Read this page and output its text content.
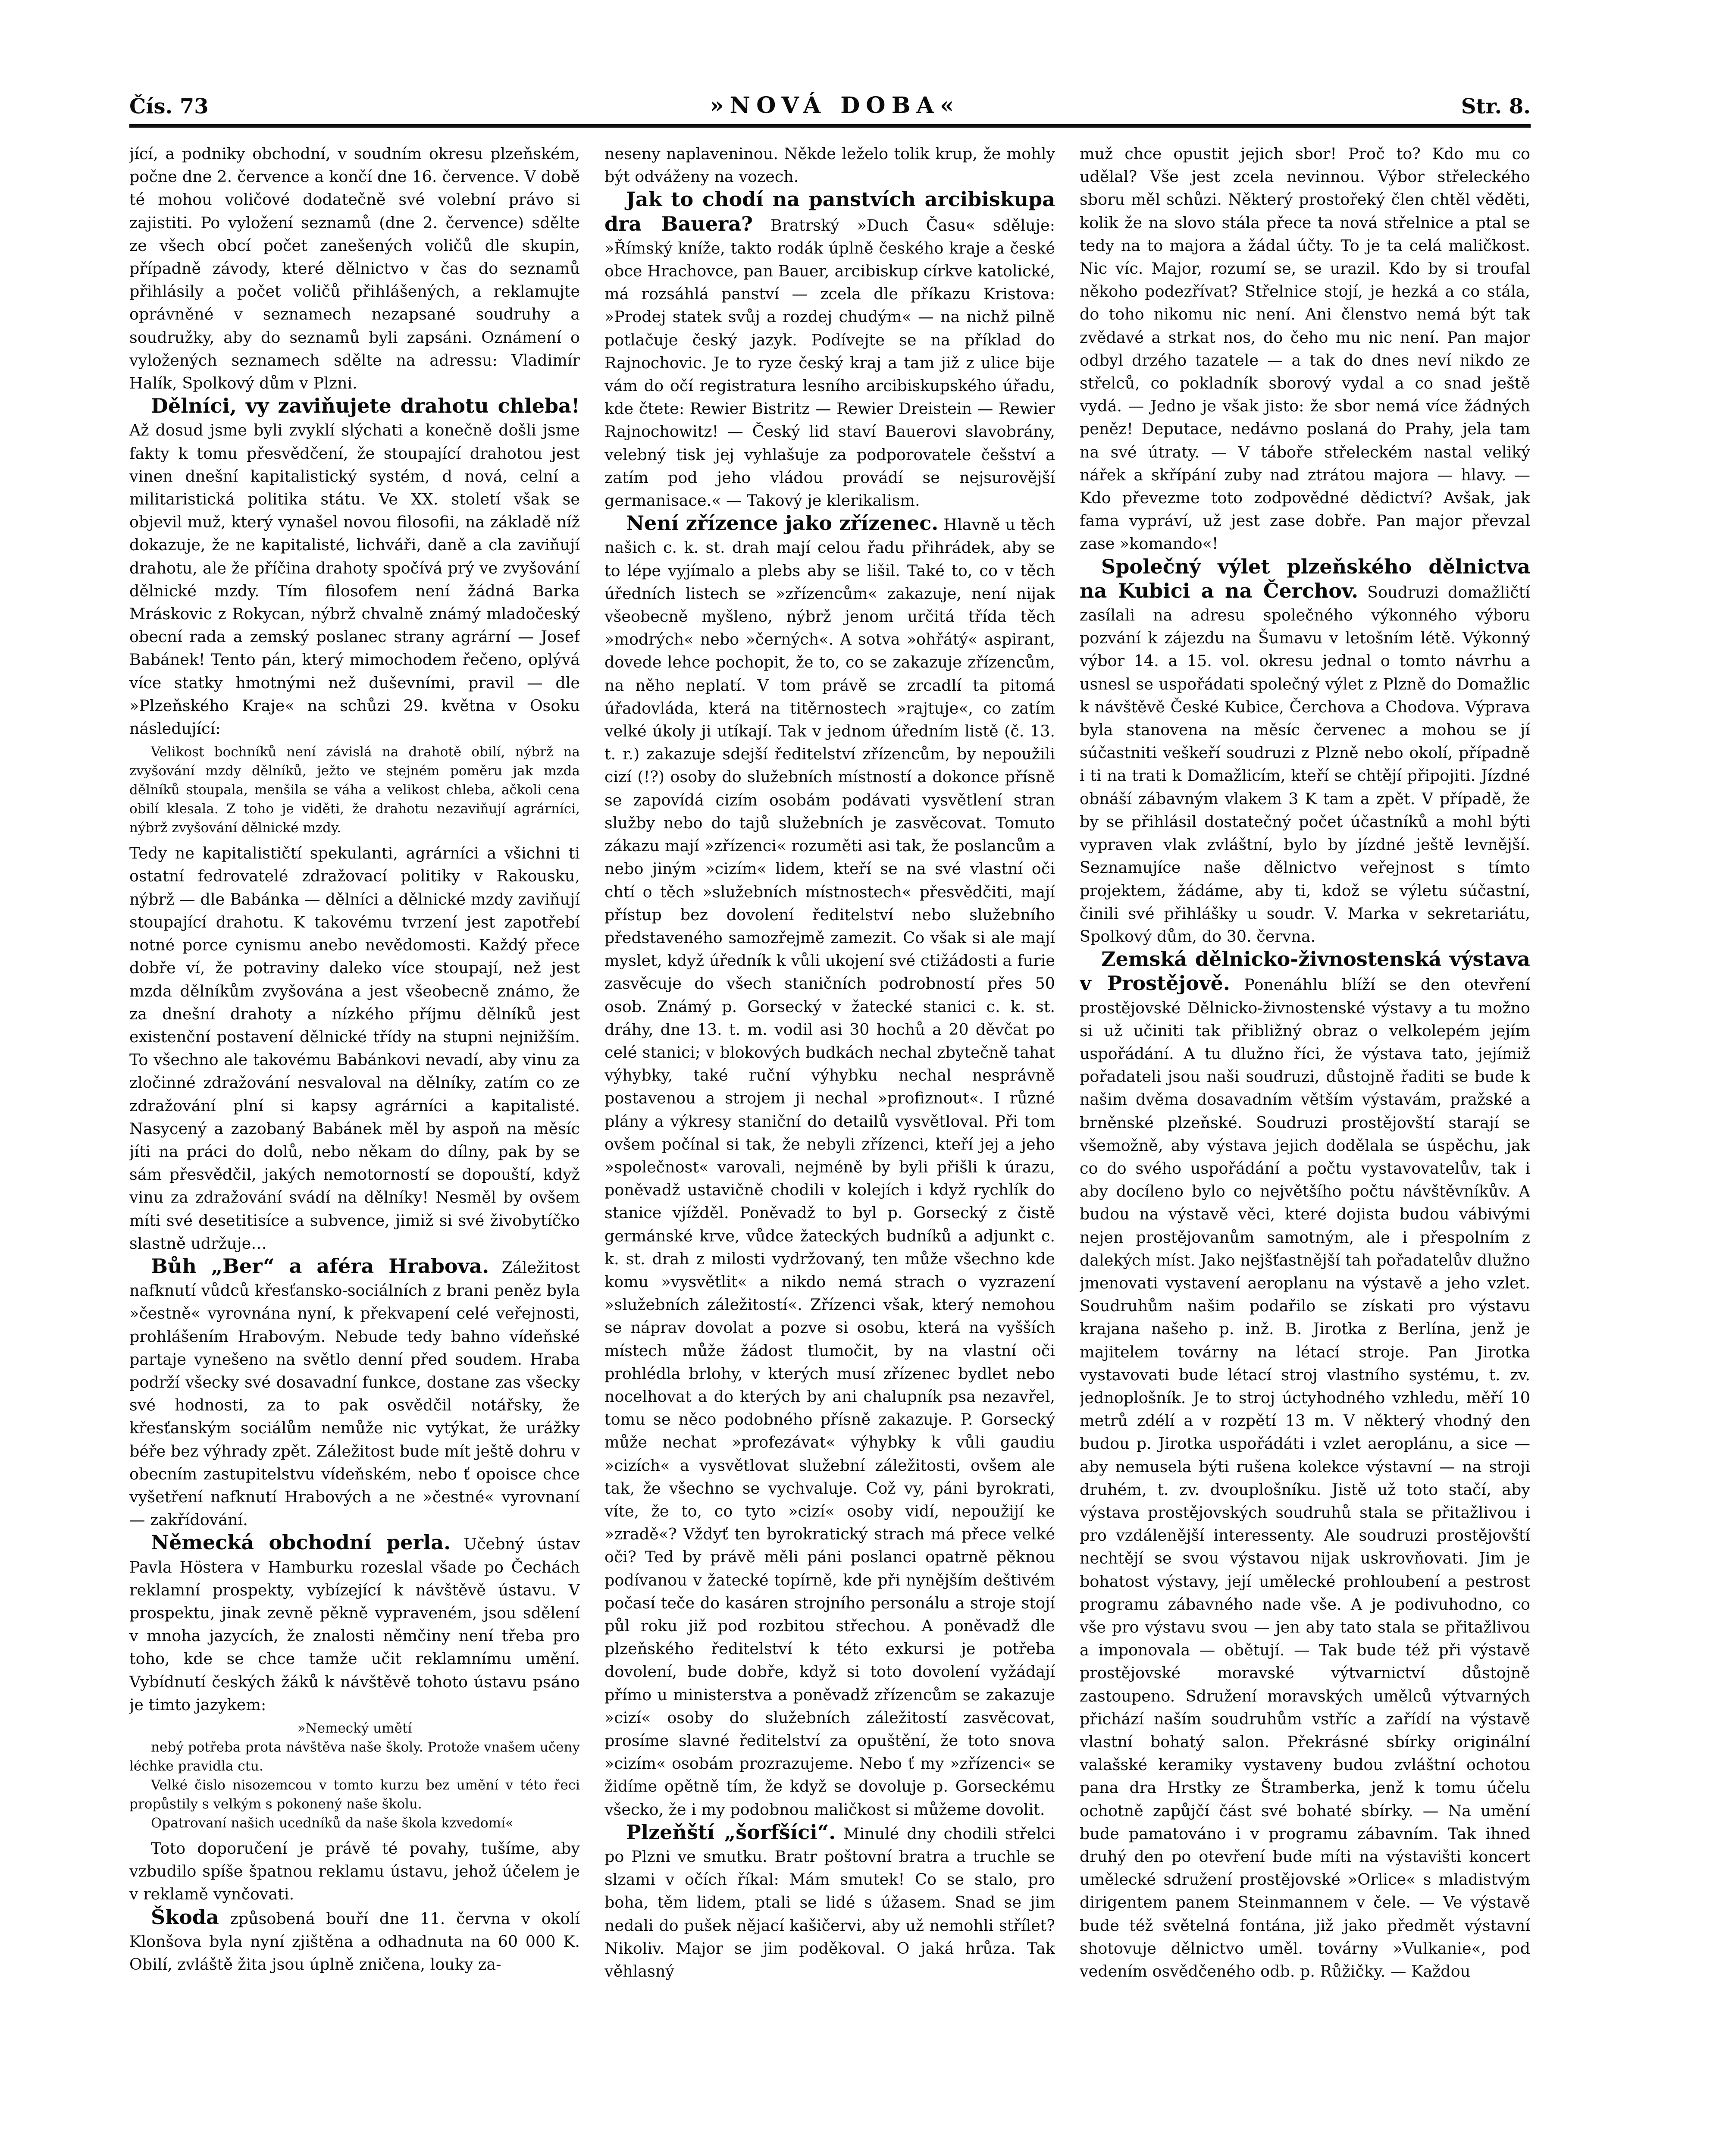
Čís. 73	»NOVÁ DOBA«	Str. 8.

jící, a podniky obchodní, v soudním okresu plzeňském, počne dne 2. července a končí dne 16. července. V době té mohou voličové dodatečně své volební právo si zajistiti. Po vyložení seznamů (dne 2. července) sdělte ze všech obcí počet zanešených voličů dle skupin, případně závody, které dělnictvo v čas do seznamů přihlásily a počet voličů přihlášených, a reklamujte oprávněné v seznamech nezapsané soudruhy a soudružky, aby do seznamů byli zapsáni. Oznámení o vyložených seznamech sdělte na adressu: Vladimír Halík, Spolkový dům v Plzni.

Dělníci, vy zaviňujete drahotu chleba! Až dosud jsme byli zvyklí slýchati a konečně došli jsme fakty k tomu přesvědčení, že stoupající drahotou jest vinen dnešní kapitalistický systém, d nová, celní a militaristická politika státu. Ve XX. století však se objevil muž, který vynašel novou filosofii, na základě níž dokazuje, že ne kapitalisté, lichváři, daně a cla zaviňují drahotu, ale že příčina drahoty spočívá prý ve zvyšování dělnické mzdy. Tím filosofem není žádná Barka Mráskovic z Rokycan, nýbrž chvalně známý mladočeský obecní rada a zemský poslanec strany agrární — Josef Babánek! Tento pán, který mimochodem řečeno, oplývá více statky hmotnými než duševními, pravil — dle »Plzeňského Kraje« na schůzi 29. května v Osoku následující:

Velikost bochníků není závislá na drahotě obilí, nýbrž na zvyšování mzdy dělníků, ježto ve stejném poměru jak mzda dělníků stoupala, menšila se váha a velikost chleba, ačkoli cena obilí klesala. Z toho je viděti, že drahotu nezaviňují agrárníci, nýbrž zvyšování dělnické mzdy.

Tedy ne kapitalističtí spekulanti, agrárníci a všichni ti ostatní fedrovatelé zdražovací politiky v Rakousku, nýbrž — dle Babánka — dělníci a dělnické mzdy zaviňují stoupající drahotu. K takovému tvrzení jest zapotřebí notné porce cynismu anebo nevědomosti. Každý přece dobře ví, že potraviny daleko více stoupají, než jest mzda dělníkům zvyšována a jest všeobecně známo, že za dnešní drahoty a nízkého příjmu dělníků jest existenční postavení dělnické třídy na stupni nejnižším. To všechno ale takovému Babánkovi nevadí, aby vinu za zločinné zdražování nesvaloval na dělníky, zatím co ze zdražování plní si kapsy agrárníci a kapitalisté. Nasycený a zazobaný Babánek měl by aspoň na měsíc jíti na práci do dolů, nebo někam do dílny, pak by se sám přesvědčil, jakých nemotorností se dopouští, když vinu za zdražování svádí na dělníky! Nesměl by ovšem míti své desetitisíce a subvence, jimiž si své živobytíčko slastně udržuje…

Bůh „Ber“ a aféra Hrabova. Záležitost nafknutí vůdců křesťansko-sociálních z brani peněz byla »čestně« vyrovnána nyní, k překvapení celé veřejnosti, prohlášením Hrabovým. Nebude tedy bahno vídeňské partaje vynešeno na světlo denní před soudem. Hraba podrží všecky své dosavadní funkce, dostane zas všecky své hodnosti, za to pak osvědčil notářsky, že křesťanským sociálům nemůže nic vytýkat, že urážky béře bez výhrady zpět. Záležitost bude mít ještě dohru v obecním zastupitelstvu vídeňském, nebo ť opoisce chce vyšetření nafknutí Hrabových a ne »čestné« vyrovnaní — zakřídování.

Německá obchodní perla. Učebný ústav Pavla Höstera v Hamburku rozeslal všade po Čechách reklamní prospekty, vybízející k návštěvě ústavu. V prospektu, jinak zevně pěkně vypraveném, jsou sdělení v mnoha jazycích, že znalosti němčiny není třeba pro toho, kde se chce tamže učit reklamnímu umění. Vybídnutí českých žáků k návštěvě tohoto ústavu psáno je timto jazykem:

»Nemecký umětí

nebý potřeba prota návštěva naše školy. Protože vnašem učeny léchke pravidla ctu.

Velké čislo nisozemcou v tomto kurzu bez umění v této řeci propůstily s velkým s pokonený naše školu.

Opatrovaní našich ucedníků da naše škola kzvedomí«

Toto doporučení je právě té povahy, tušíme, aby vzbudilo spíše špatnou reklamu ústavu, jehož účelem je v reklamě vynčovati.

Škoda způsobená bouří dne 11. června v okolí Klonšova byla nyní zjištěna a odhadnuta na 60 000 K. Obilí, zvláště žita jsou úplně zničena, louky za-

neseny naplaveninou. Někde leželo tolik krup, že mohly být odváženy na vozech.

Jak to chodí na panstvích arcibiskupa dra Bauera? Bratrský »Duch Času« sděluje: »Římský kníže, takto rodák úplně českého kraje a české obce Hrachovce, pan Bauer, arcibiskup církve katolické, má rozsáhlá panství — zcela dle příkazu Kristova: »Prodej statek svůj a rozdej chudým« — na nichž pilně potlačuje český jazyk. Podívejte se na příklad do Rajnochovic. Je to ryze český kraj a tam již z ulice bije vám do očí registratura lesního arcibiskupského úřadu, kde čtete: Rewier Bistritz — Rewier Dreistein — Rewier Rajnochowitz! — Český lid staví Bauerovi slavobrány, velebný tisk jej vyhlašuje za podporovatele češství a zatím pod jeho vládou provádí se nejsurovější germanisace.« — Takový je klerikalism.

Není zřízence jako zřízenec. Hlavně u těch našich c. k. st. drah mají celou řadu přihrádek, aby se to lépe vyjímalo a plebs aby se lišil. Také to, co v těch úředních listech se »zřízencům« zakazuje, není nijak všeobecně myšleno, nýbrž jenom určitá třída těch »modrých« nebo »černých«. A sotva »ohřátý« aspirant, dovede lehce pochopit, že to, co se zakazuje zřízencům, na něho neplatí. V tom právě se zrcadlí ta pitomá úřadovláda, která na titěrnostech »rajtuje«, co zatím velké úkoly ji utíkají. Tak v jednom úředním listě (č. 13. t. r.) zakazuje sdejší ředitelství zřízencům, by nepoužili cizí (!?) osoby do služebních místností a dokonce přísně se zapovídá cizím osobám podávati vysvětlení stran služby nebo do tajů služebních je zasvěcovat. Tomuto zákazu mají »zřízenci« rozuměti asi tak, že poslancům a nebo jiným »cizím« lidem, kteří se na své vlastní oči chtí o těch »služebních místnostech« přesvědčiti, mají přístup bez dovolení ředitelství nebo služebního představeného samozřejmě zamezit. Co však si ale mají myslet, když úředník k vůli ukojení své ctižádosti a furie zasvěcuje do všech staničních podrobností přes 50 osob. Známý p. Gorsecký v žatecké stanici c. k. st. dráhy, dne 13. t. m. vodil asi 30 hochů a 20 děvčat po celé stanici; v blokových budkách nechal zbytečně tahat výhybky, také ruční výhybku nechal nesprávně postavenou a strojem ji nechal »profiznout«. I různé plány a výkresy staniční do detailů vysvětloval. Při tom ovšem počínal si tak, že nebyli zřízenci, kteří jej a jeho »společnost« varovali, nejméně by byli přišli k úrazu, poněvadž ustavičně chodili v kolejích i když rychlík do stanice vjížděl. Poněvadž to byl p. Gorsecký z čistě germánské krve, vůdce žateckých budníků a adjunkt c. k. st. drah z milosti vydržovaný, ten může všechno kde komu »vysvětlit« a nikdo nemá strach o vyzrazení »služebních záležitostí«. Zřízenci však, který nemohou se náprav dovolat a pozve si osobu, která na vyšších místech může žádost tlumočit, by na vlastní oči prohlédla brlohy, v kterých musí zřízenec bydlet nebo nocelhovat a do kterých by ani chalupník psa nezavřel, tomu se něco podobného přísně zakazuje. P. Gorsecký může nechat »profezávat« výhybky k vůli gaudiu »cizích« a vysvětlovat služební záležitosti, ovšem ale tak, že všechno se vychvaluje. Což vy, páni byrokrati, víte, že to, co tyto »cizí« osoby vidí, nepoužijí ke »zradě«? Vždyť ten byrokratický strach má přece velké oči? Ted by právě měli páni poslanci opatrně pěknou podívanou v žatecké topírně, kde při nynějším deštivém počasí teče do kasáren strojního personálu a stroje stojí půl roku již pod rozbitou střechou. A poněvadž dle plzeňského ředitelství k této exkursi je potřeba dovolení, bude dobře, když si toto dovolení vyžádají přímo u ministerstva a poněvadž zřízencům se zakazuje »cizí« osoby do služebních záležitostí zasvěcovat, prosíme slavné ředitelství za opuštění, že toto snova »cizím« osobám prozrazujeme. Nebo ť my »zřízenci« se židíme opětně tím, že když se dovoluje p. Gorseckému všecko, že i my podobnou maličkost si můžeme dovolit.

Plzeňští „šorfšíci“. Minulé dny chodili střelci po Plzni ve smutku. Bratr poštovní bratra a truchle se slzami v očích říkal: Mám smutek! Co se stalo, pro boha, těm lidem, ptali se lidé s úžasem. Snad se jim nedali do pušek nějací kašičervi, aby už nemohli střílet? Nikoliv. Major se jim poděkoval. O jaká hrůza. Tak věhlasný

muž chce opustit jejich sbor! Proč to? Kdo mu co udělal? Vše jest zcela nevinnou. Výbor střeleckého sboru měl schůzi. Některý prostořeký člen chtěl věděti, kolik že na slovo stála přece ta nová střelnice a ptal se tedy na to majora a žádal účty. To je ta celá maličkost. Nic víc. Major, rozumí se, se urazil. Kdo by si troufal někoho podezřívat? Střelnice stojí, je hezká a co stála, do toho nikomu nic není. Ani členstvo nemá být tak zvědavé a strkat nos, do čeho mu nic není. Pan major odbyl drzého tazatele — a tak do dnes neví nikdo ze střelců, co pokladník sborový vydal a co snad ještě vydá. — Jedno je však jisto: že sbor nemá více žádných peněz! Deputace, nedávno poslaná do Prahy, jela tam na své útraty. — V táboře střeleckém nastal veliký nářek a skřípání zuby nad ztrátou majora — hlavy. — Kdo převezme toto zodpovědné dědictví? Avšak, jak fama vypráví, už jest zase dobře. Pan major převzal zase »komando«!

Společný výlet plzeňského dělnictva na Kubici a na Čerchov. Soudruzi domažličtí zasílali na adresu společného výkonného výboru pozvání k zájezdu na Šumavu v letošním létě. Výkonný výbor 14. a 15. vol. okresu jednal o tomto návrhu a usnesl se uspořádati společný výlet z Plzně do Domažlic k návštěvě České Kubice, Čerchova a Chodova. Výprava byla stanovena na měsíc červenec a mohou se jí súčastniti veškeří soudruzi z Plzně nebo okolí, případně i ti na trati k Domažlicím, kteří se chtějí připojiti. Jízdné obnáší zábavným vlakem 3 K tam a zpět. V případě, že by se přihlásil dostatečný počet účastníků a mohl býti vypraven vlak zvláštní, bylo by jízdné ještě levnější. Seznamujíce naše dělnictvo veřejnost s tímto projektem, žádáme, aby ti, kdož se výletu súčastní, činili své přihlášky u soudr. V. Marka v sekretariátu, Spolkový dům, do 30. června.

Zemská dělnicko-živnostenská výstava v Prostějově. Ponenáhlu blíží se den otevření prostějovské Dělnicko-živnostenské výstavy a tu možno si už učiniti tak přibližný obraz o velkolepém jejím uspořádání. A tu dlužno říci, že výstava tato, jejímiž pořadateli jsou naši soudruzi, důstojně řaditi se bude k našim dvěma dosavadním větším výstavám, pražské a brněnské plzeňské. Soudruzi prostějovští starají se všemožně, aby výstava jejich dodělala se úspěchu, jak co do svého uspořádání a počtu vystavovatelův, tak i aby docíleno bylo co největšího počtu návštěvníkův. A budou na výstavě věci, které dojista budou vábivými nejen prostějovanům samotným, ale i přespolním z dalekých míst. Jako nejšťastnější tah pořadatelův dlužno jmenovati vystavení aeroplanu na výstavě a jeho vzlet. Soudruhům našim podařilo se získati pro výstavu krajana našeho p. inž. B. Jirotka z Berlína, jenž je majitelem továrny na létací stroje. Pan Jirotka vystavovati bude létací stroj vlastního systému, t. zv. jednoplošník. Je to stroj úctyhodného vzhledu, měří 10 metrů zdélí a v rozpětí 13 m. V některý vhodný den budou p. Jirotka uspořádáti i vzlet aeroplánu, a sice — aby nemusela býti rušena kolekce výstavní — na stroji druhém, t. zv. dvouplošníku. Jistě už toto stačí, aby výstava prostějovských soudruhů stala se přitažlivou i pro vzdálenější interessenty. Ale soudruzi prostějovští nechtějí se svou výstavou nijak uskrovňovati. Jim je bohatost výstavy, její umělecké prohloubení a pestrost programu zábavného nade vše. A je podivuhodno, co vše pro výstavu svou — jen aby tato stala se přitažlivou a imponovala — obětují. — Tak bude též při výstavě prostějovské moravské výtvarnictví důstojně zastoupeno. Sdružení moravských umělců výtvarných přichází naším soudruhům vstříc a zařídí na výstavě vlastní bohatý salon. Překrásné sbírky originální valašské keramiky vystaveny budou zvláštní ochotou pana dra Hrstky ze Štramberka, jenž k tomu účelu ochotně zapůjčí část své bohaté sbírky. — Na umění bude pamatováno i v programu zábavním. Tak ihned druhý den po otevření bude míti na výstavišti koncert umělecké sdružení prostějovské »Orlice« s mladistvým dirigentem panem Steinmannem v čele. — Ve výstavě bude též světelná fontána, již jako předmět výstavní shotovuje dělnictvo uměl. továrny »Vulkanie«, pod vedením osvědčeného odb. p. Růžičky. — Každou
